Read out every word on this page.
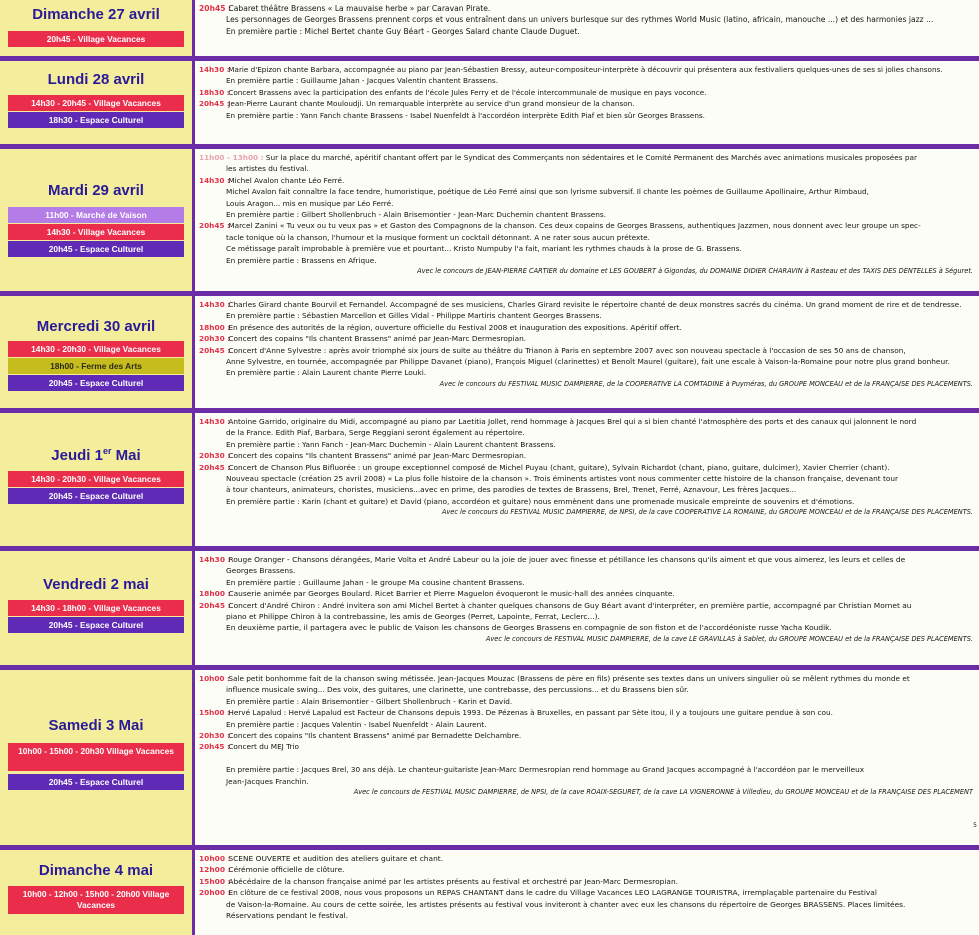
Dimanche 27 avril
20h45 - Village Vacances
20h45 : Cabaret théâtre Brassens « La mauvaise herbe » par Caravan Pirate.
Les personnages de Georges Brassens prennent corps et vous entraînent dans un univers burlesque sur des rythmes World Music (latino, africain, manouche ...) et des harmonies jazz ...
En première partie : Michel Bertet chante Guy Béart - Georges Salard chante Claude Duguet.
Lundi 28 avril
14h30 - 20h45 - Village Vacances
18h30 - Espace Culturel
14h30 : Marie d'Epizon chante Barbara, accompagnée au piano par Jean-Sébastien Bressy, auteur-compositeur-interprète à découvrir qui présentera aux festivaliers quelques-unes de ses si jolies chansons.
En première partie : Guillaume Jahan - Jacques Valentin chantent Brassens.
18h30 : Concert Brassens avec la participation des enfants de l'école Jules Ferry et de l'école intercommunale de musique en pays voconce.
20h45 : Jean-Pierre Laurant chante Mouloudji. Un remarquable interprète au service d'un grand monsieur de la chanson.
En première partie : Yann Fanch chante Brassens - Isabel Nuenfeldt à l'accordéon interprète Edith Piaf et bien sûr Georges Brassens.
Mardi 29 avril
11h00 - Marché de Vaison
14h30 - Village Vacances
20h45 - Espace Culturel
11h00 - 13h00 : Sur la place du marché, apéritif chantant offert par le Syndicat des Commerçants non sédentaires et le Comité Permanent des Marchés avec animations musicales proposées par
les artistes du festival.
14h30 : Michel Avalon chante Léo Ferré.
Michel Avalon fait connaître la face tendre, humoristique, poétique de Léo Ferré ainsi que son lyrisme subversif. Il chante les poèmes de Guillaume Apollinaire, Arthur Rimbaud,
Louis Aragon... mis en musique par Léo Ferré.
En première partie : Gilbert Shollenbruch - Alain Brisemontier - Jean-Marc Duchemin chantent Brassens.
20h45 : Marcel Zanini « Tu veux ou tu veux pas » et Gaston des Compagnons de la chanson. Ces deux copains de Georges Brassens, authentiques Jazzmen, nous donnent avec leur groupe un spec-
tacle tonique où la chanson, l'humour et la musique forment un cocktail détonnant. A ne rater sous aucun prétexte.
Ce métissage paraît improbable à première vue et pourtant... Kristo Numpuby l'a fait, mariant les rythmes chauds à la prose de G. Brassens.
En première partie : Brassens en Afrique.
Avec le concours de JEAN-PIERRE CARTIER du domaine et LES GOUBERT à Gigondas, du DOMAINE DIDIER CHARAVIN à Rasteau et des TAXIS DES DENTELLES à Séguret.
Mercredi 30 avril
14h30 - 20h30 - Village Vacances
18h00 - Ferme des Arts
20h45 - Espace Culturel
14h30 : Charles Girard chante Bourvil et Fernandel. Accompagné de ses musiciens, Charles Girard revisite le répertoire chanté de deux monstres sacrés du cinéma. Un grand moment de rire et de tendresse.
En première partie : Sébastien Marcellon et Gilles Vidal - Philippe Martiris chantent Georges Brassens.
18h00 : En présence des autorités de la région, ouverture officielle du Festival 2008 et inauguration des expositions. Apéritif offert.
20h30 : Concert des copains "Ils chantent Brassens" animé par Jean-Marc Dermesropian.
20h45 : Concert d'Anne Sylvestre : après avoir triomphé six jours de suite au théâtre du Trianon à Paris en septembre 2007 avec son nouveau spectacle à l'occasion de ses 50 ans de chanson,
Anne Sylvestre, en tournée, accompagnée par Philippe Davanet (piano), François Miguel (clarinettes) et Benoît Maurel (guitare), fait une escale à Vaison-la-Romaine pour notre plus grand bonheur.
En première partie : Alain Laurent chante Pierre Louki.
Avec le concours du FESTIVAL MUSIC DAMPIERRE, de la COOPERATIVE LA COMTADINE à Puyméras, du GROUPE MONCEAU et de la FRANÇAISE DES PLACEMENTS.
Jeudi 1er Mai
14h30 - 20h30 - Village Vacances
20h45 - Espace Culturel
14h30 : Antoine Garrido, originaire du Midi, accompagné au piano par Laetitia Jollet, rend hommage à Jacques Brel qui a si bien chanté l'atmosphère des ports et des canaux qui jalonnent le nord
de la France. Edith Piaf, Barbara, Serge Reggiani seront également au répertoire.
En première partie : Yann Fanch - Jean-Marc Duchemin - Alain Laurent chantent Brassens.
20h30 : Concert des copains "Ils chantent Brassens" animé par Jean-Marc Dermesropian.
20h45 : Concert de Chanson Plus Bifluorée : un groupe exceptionnel composé de Michel Puyau (chant, guitare), Sylvain Richardot (chant, piano, guitare, dulcimer), Xavier Cherrier (chant).
Nouveau spectacle (création 25 avril 2008) « La plus folle histoire de la chanson ». Trois éminents artistes vont nous commenter cette histoire de la chanson française, devenant tour
à tour chanteurs, animateurs, choristes, musiciens...avec en prime, des parodies de textes de Brassens, Brel, Trenet, Ferré, Aznavour, Les frères Jacques...
En première partie : Karin (chant et guitare) et David (piano, accordéon et guitare) nous emmènent dans une promenade musicale empreinte de souvenirs et d'émotions.
Avec le concours du FESTIVAL MUSIC DAMPIERRE, de NPSI, de la cave COOPERATIVE LA ROMAINE, du GROUPE MONCEAU et de la FRANÇAISE DES PLACEMENTS.
Vendredi 2 mai
14h30 - 18h00 - Village Vacances
20h45 - Espace Culturel
14h30 : Rouge Oranger - Chansons dérangées, Marie Volta et André Labeur ou la joie de jouer avec finesse et pétillance les chansons qu'ils aiment et que vous aimerez, les leurs et celles de
Georges Brassens.
En première partie : Guillaume Jahan - le groupe Ma cousine chantent Brassens.
18h00 : Causerie animée par Georges Boulard. Ricet Barrier et Pierre Maguelon évoqueront le music-hall des années cinquante.
20h45 : Concert d'André Chiron : André invitera son ami Michel Bertet à chanter quelques chansons de Guy Béart avant d'interpréter, en première partie, accompagné par Christian Mornet au
piano et Philippe Chiron à la contrebassine, les amis de Georges (Perret, Lapointe, Ferrat, Leclerc...).
En deuxième partie, il partagera avec le public de Vaison les chansons de Georges Brassens en compagnie de son fiston et de l'accordéoniste russe Yacha Koudik.
Avec le concours de FESTIVAL MUSIC DAMPIERRE, de la cave LE GRAVILLAS à Sablet, du GROUPE MONCEAU et de la FRANÇAISE DES PLACEMENTS.
Samedi 3 Mai
10h00 - 15h00 - 20h30 Village Vacances
20h45 - Espace Culturel
10h00 : Sale petit bonhomme fait de la chanson swing métissée. Jean-Jacques Mouzac (Brassens de père en fils) présente ses textes dans un univers singulier où se mêlent rythmes du monde et
influence musicale swing... Des voix, des guitares, une clarinette, une contrebasse, des percussions... et du Brassens bien sûr.
En première partie : Alain Brisemontier - Gilbert Shollenbruch - Karin et David.
15h00 : Hervé Lapalud : Hervé Lapalud est Facteur de Chansons depuis 1993. De Pézenas à Bruxelles, en passant par Sète itou, il y a toujours une guitare pendue à son cou.
En première partie : Jacques Valentin - Isabel Nuenfeldt - Alain Laurent.
20h30 : Concert des copains "Ils chantent Brassens" animé par Bernadette Delchambre.
20h45 : Concert du MEJ Trio
En première partie : Jacques Brel, 30 ans déjà. Le chanteur-guitariste Jean-Marc Dermesropian rend hommage au Grand Jacques accompagné à l'accordéon par le merveilleux
Jean-Jacques Franchin.
Avec le concours de FESTIVAL MUSIC DAMPIERRE, de NPSI, de la cave ROAIX-SEGURET, de la cave LA VIGNERONNE à Villedieu, du GROUPE MONCEAU et de la FRANÇAISE DES PLACEMENT
Dimanche 4 mai
10h00 - 12h00 - 15h00 - 20h00 Village Vacances
10h00 : SCENE OUVERTE et audition des ateliers guitare et chant.
12h00 : Cérémonie officielle de clôture.
15h00 : Abécédaire de la chanson française animé par les artistes présents au festival et orchestré par Jean-Marc Dermesropian.
20h00 : En clôture de ce festival 2008, nous vous proposons un REPAS CHANTANT dans le cadre du Village Vacances LEO LAGRANGE TOURISTRA, irremplaçable partenaire du Festival
de Vaison-la-Romaine. Au cours de cette soirée, les artistes présents au festival vous inviteront à chanter avec eux les chansons du répertoire de Georges BRASSENS. Places limitées.
Réservations pendant le festival.
5
